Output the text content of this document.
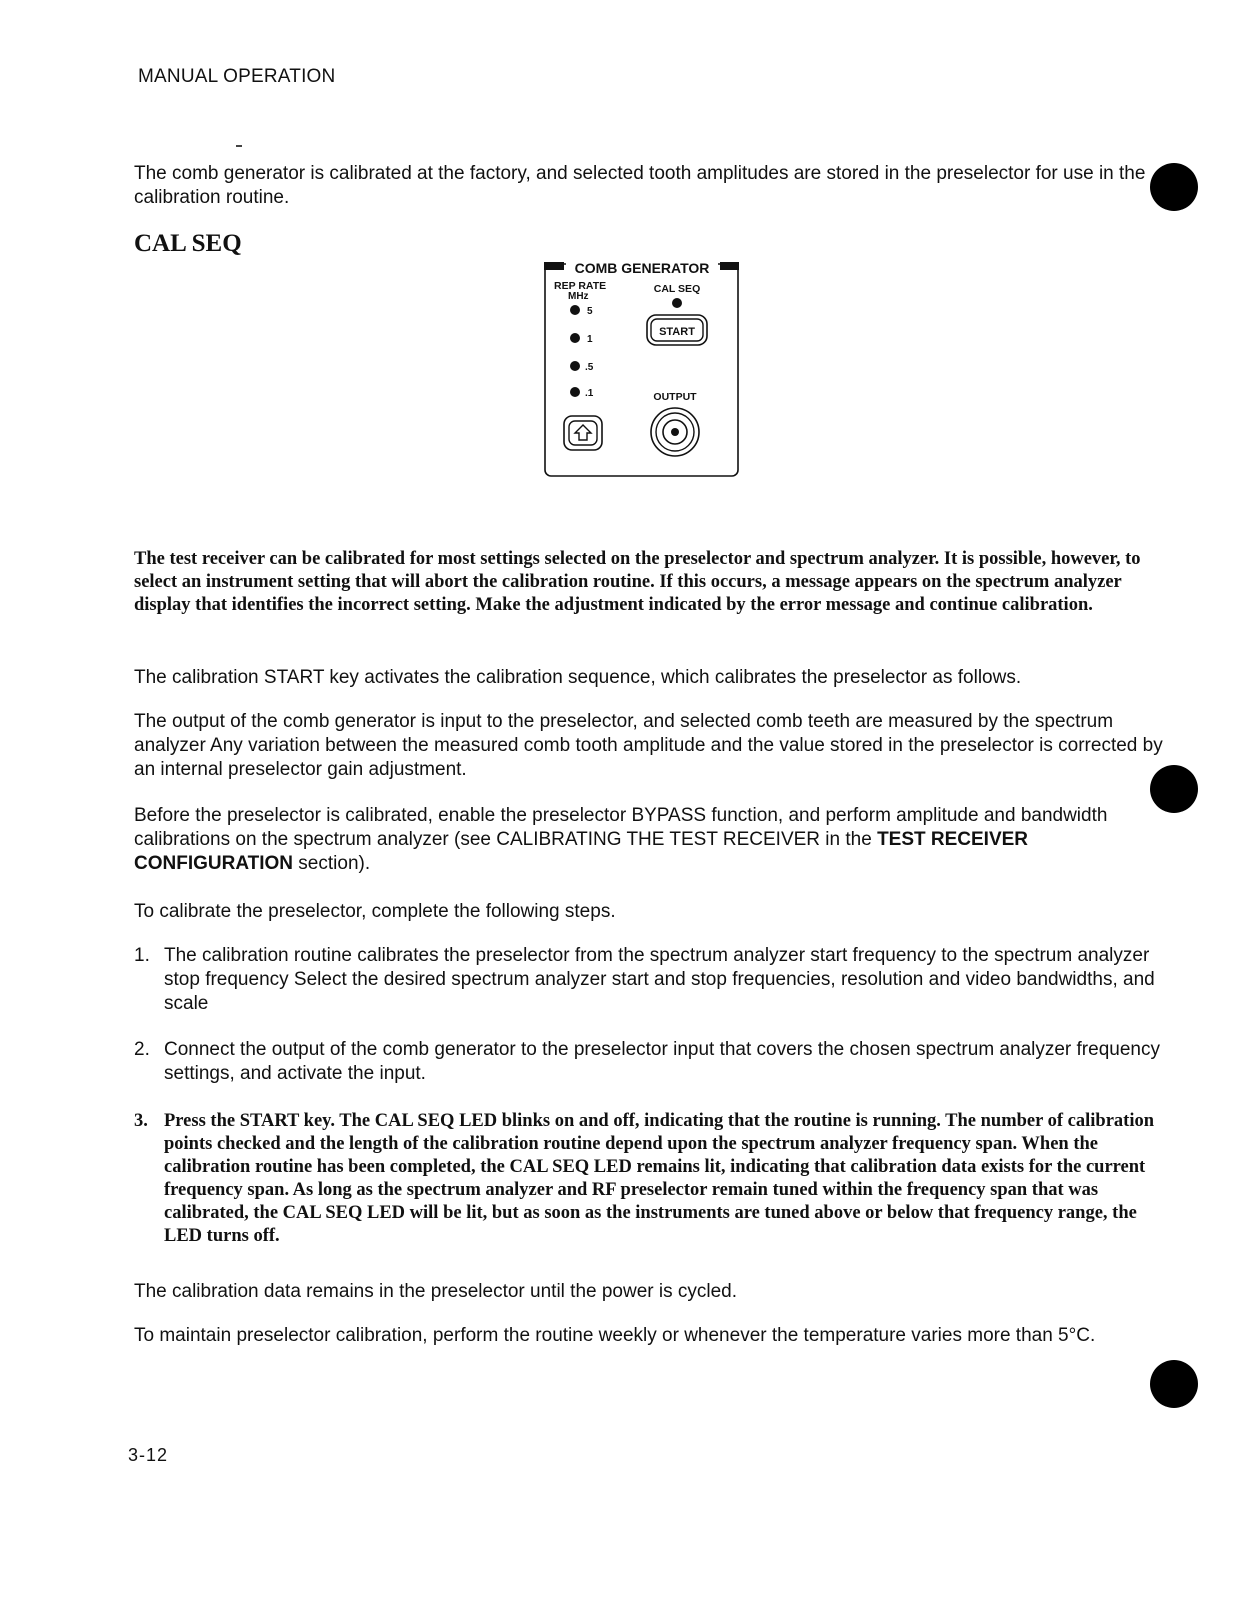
MANUAL OPERATION

The comb generator is calibrated at the factory, and selected tooth amplitudes are stored in the preselector for use in the calibration routine.

CAL SEQ
COMB GENERATOR
REP RATE
MHz
5
1
.5
.1
CAL SEQ
START
OUTPUT

The test receiver can be calibrated for most settings selected on the preselector and spectrum analyzer. It is possible, however, to select an instrument setting that will abort the calibration routine. If this occurs, a message appears on the spectrum analyzer display that identifies the incorrect setting. Make the adjustment indicated by the error message and continue calibration.

The calibration START key activates the calibration sequence, which calibrates the preselector as follows.

The output of the comb generator is input to the preselector, and selected comb teeth are measured by the spectrum analyzer Any variation between the measured comb tooth amplitude and the value stored in the preselector is corrected by an internal preselector gain adjustment.

Before the preselector is calibrated, enable the preselector BYPASS function, and perform amplitude and bandwidth calibrations on the spectrum analyzer (see CALIBRATING THE TEST RECEIVER in the TEST RECEIVER CONFIGURATION section).

To calibrate the preselector, complete the following steps.

1. The calibration routine calibrates the preselector from the spectrum analyzer start frequency to the spectrum analyzer stop frequency Select the desired spectrum analyzer start and stop frequencies, resolution and video bandwidths, and scale
2. Connect the output of the comb generator to the preselector input that covers the chosen spectrum analyzer frequency settings, and activate the input.
3. Press the START key. The CAL SEQ LED blinks on and off, indicating that the routine is running. The number of calibration points checked and the length of the calibration routine depend upon the spectrum analyzer frequency span. When the calibration routine has been completed, the CAL SEQ LED remains lit, indicating that calibration data exists for the current frequency span. As long as the spectrum analyzer and RF preselector remain tuned within the frequency span that was calibrated, the CAL SEQ LED will be lit, but as soon as the instruments are tuned above or below that frequency range, the LED turns off.

The calibration data remains in the preselector until the power is cycled.

To maintain preselector calibration, perform the routine weekly or whenever the temperature varies more than 5°C.

3-12
